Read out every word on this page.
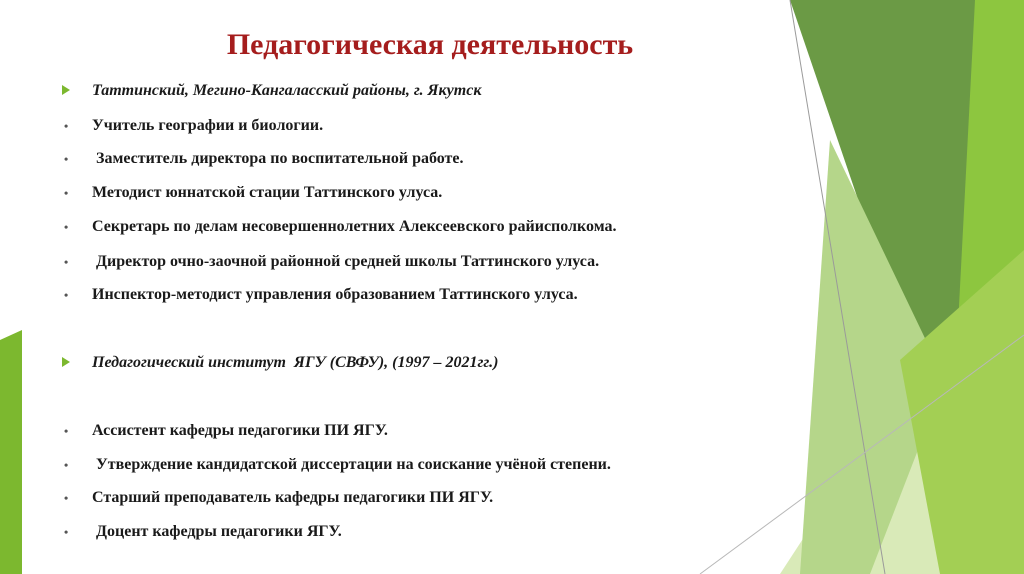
Педагогическая деятельность
Таттинский, Мегино-Кангаласский районы, г. Якутск
•	Учитель географии и биологии.
•	Заместитель директора по воспитательной работе.
•	Методист юннатской стации Таттинского улуса.
•	Секретарь по делам несовершеннолетних Алексеевского райисполкома.
•	Директор очно-заочной районной средней школы Таттинского улуса.
•	Инспектор-методист управления образованием Таттинского улуса.
Педагогический институт  ЯГУ (СВФУ), (1997 – 2021гг.)
•	Ассистент кафедры педагогики ПИ ЯГУ.
•	Утверждение кандидатской диссертации на соискание учёной степени.
•	Старший преподаватель кафедры педагогики ПИ ЯГУ.
•	Доцент кафедры педагогики ЯГУ.
